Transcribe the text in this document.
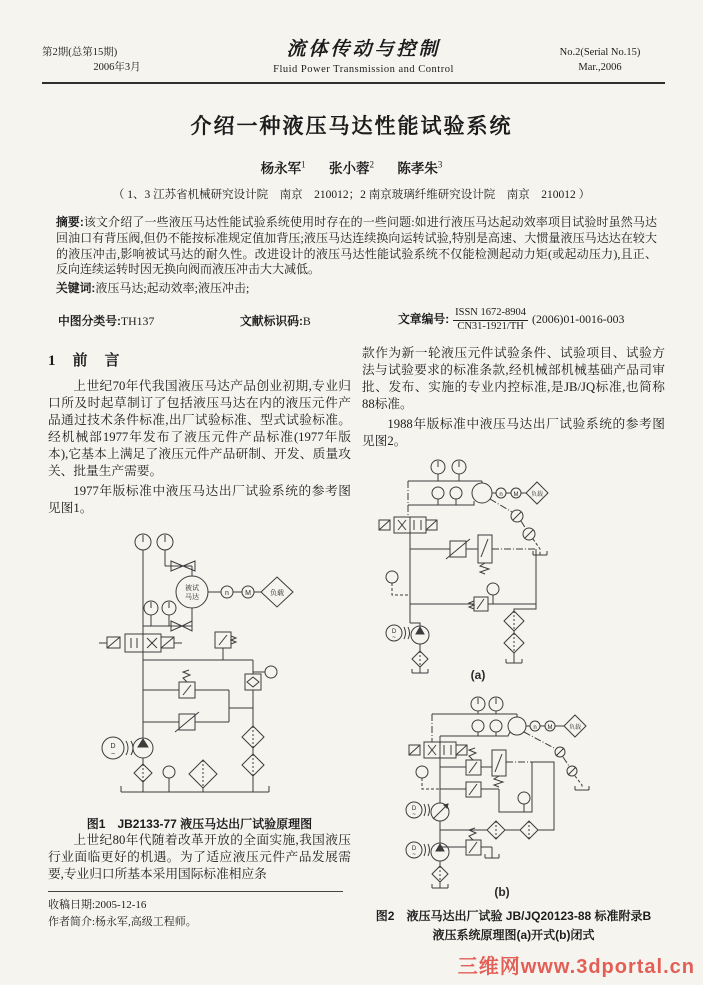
第2期(总第15期)
2006年3月
流体传动与控制
Fluid Power Transmission and Control
No.2(Serial No.15)
Mar.,2006
介绍一种液压马达性能试验系统
杨永军$^1$ 张小蓉$^2$ 陈孝朱$^3$
（ 1、3 江苏省机械研究设计院　南京　210012；2 南京玻璃纤维研究设计院　南京　210012 ）

摘要:该文介绍了一些液压马达性能试验系统使用时存在的一些问题:如进行液压马达起动效率项目试验时虽然马达回油口有背压阀,但仍不能按标准规定值加背压;液压马达连续换向运转试验,特别是高速、大惯量液压马达达在较大的液压冲击,影响被试马达的耐久性。改进设计的液压马达性能试验系统不仅能检测起动力矩(或起动压力),且正、反向连续运转时因无换向阀而液压冲击大大减低。

关键词:液压马达;起动效率;液压冲击;

中图分类号:TH137	文献标识码:B	文章编号: $\frac{\text{ISSN 1672-8904}}{CN31-1921/TH} (2006)01-0016-003$
1 前　言

上世纪70年代我国液压马达产品创业初期,专业归口所及时起草制订了包括液压马达在内的液压元件产品通过技术条件标准,出厂试验标准、型式试验标准。经机械部1977年发布了液压元件产品标准(1977年版本),它基本上满足了液压元件产品研制、开发、质量攻关、批量生产需要。

1977年版标准中液压马达出厂试验系统的参考图见图1。

被试
马达
n M	负载
D
~
图1　JB2133-77 液压马达出厂试验原理图

上世纪80年代随着改革开放的全面实施,我国液压行业面临更好的机遇。为了适应液压元件产品发展需要,专业归口所基本采用国际标准相应条

收稿日期:2005-12-16
作者简介:杨永军,高级工程师。

款作为新一轮液压元件试验条件、试验项目、试验方法与试验要求的标准条款,经机械部机械基础产品司审批、发布、实施的专业内控标准,是JB/JQ标准,也简称88标准。

1988年版标准中液压马达出厂试验系统的参考图见图2。

n M 负载
D
~
(a)
n M	负载
D
~
D
~
(b)
图2　液压马达出厂试验 JB/JQ20123-88 标准附录B
液压系统原理图(a)开式(b)闭式
三维网www.3dportal.cn
